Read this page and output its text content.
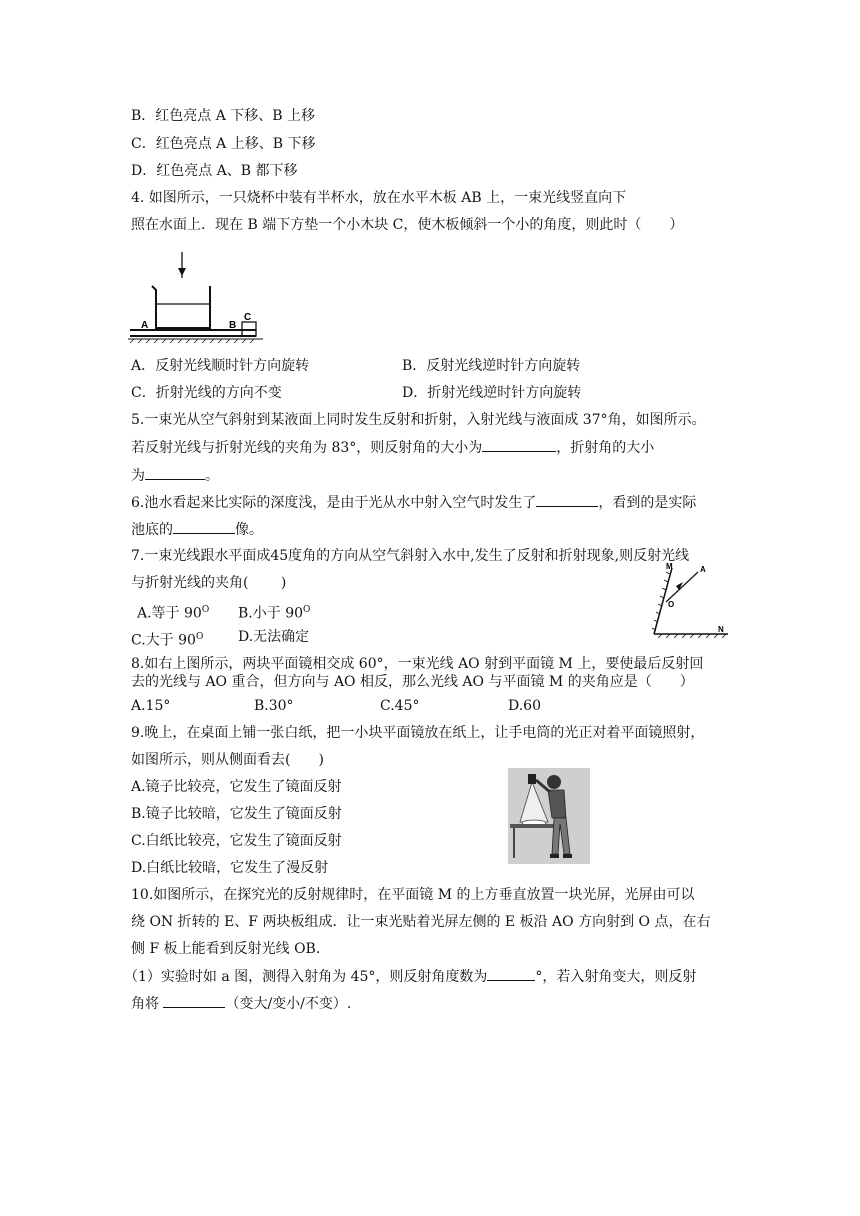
B．红色亮点 A 下移、B 上移
C．红色亮点 A 上移、B 下移
D．红色亮点 A、B 都下移
4. 如图所示，一只烧杯中装有半杯水，放在水平木板 AB 上，一束光线竖直向下
照在水面上．现在 B 端下方垫一个小木块 C，使木板倾斜一个小的角度，则此时（　　）
A	B
C
A．反射光线顺时针方向旋转	B．反射光线逆时针方向旋转
C．折射光线的方向不变	D．折射光线逆时针方向旋转
5.一束光从空气斜射到某液面上同时发生反射和折射，入射光线与液面成 37°角，如图所示。
若反射光线与折射光线的夹角为 83°，则反射角的大小为	，折射角的大小
为	。
6.池水看起来比实际的深度浅，是由于光从水中射入空气时发生了	，看到的是实际
池底的	像。
7.一束光线跟水平面成45度角的方向从空气斜射入水中,发生了反射和折射现象,则反射光线
与折射光线的夹角(　　 )
A.等于 $90^O$ B.小于 $90^O$
C.大于 $90^O$ D.无法确定
M	A
O
N
8.如右上图所示，两块平面镜相交成 60°，一束光线 AO 射到平面镜 M 上，要使最后反射回
去的光线与 AO 重合，但方向与 AO 相反，那么光线 AO 与平面镜 M 的夹角应是（　　）
A.15°	B.30°	C.45°	D.60
9.晚上，在桌面上铺一张白纸，把一小块平面镜放在纸上，让手电筒的光正对着平面镜照射，
如图所示，则从侧面看去(　　)
A.镜子比较亮，它发生了镜面反射
B.镜子比较暗，它发生了镜面反射
C.白纸比较亮，它发生了镜面反射
D.白纸比较暗，它发生了漫反射
10.如图所示，在探究光的反射规律时，在平面镜 M 的上方垂直放置一块光屏，光屏由可以
绕 ON 折转的 E、F 两块板组成．让一束光贴着光屏左侧的 E 板沿 AO 方向射到 O 点，在右
侧 F 板上能看到反射光线 OB.
（1）实验时如 a 图，测得入射角为 45°，则反射角度数为	°，若入射角变大，则反射
角将	（变大/变小/不变）.
